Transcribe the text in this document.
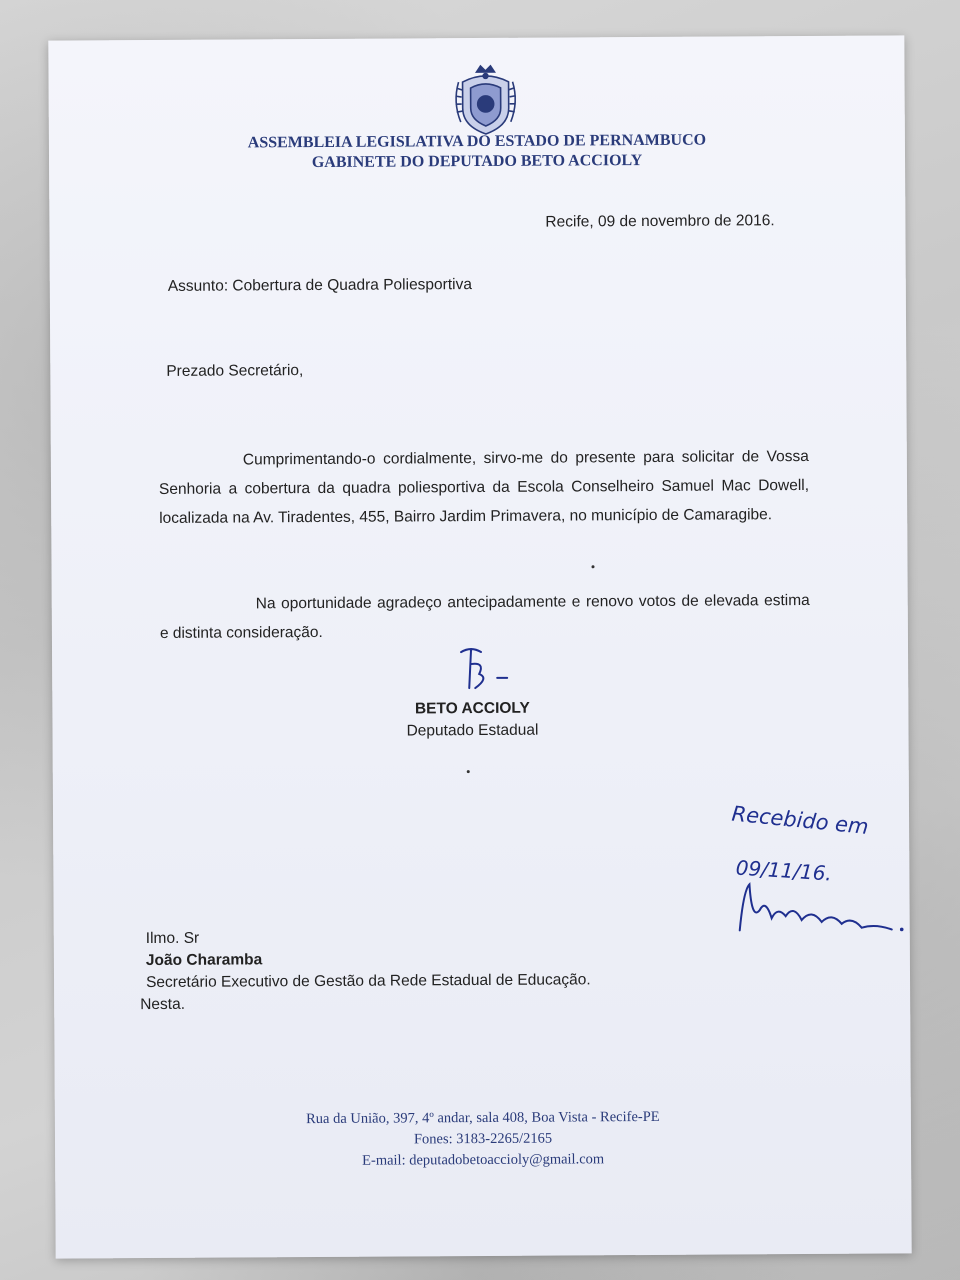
ASSEMBLEIA LEGISLATIVA DO ESTADO DE PERNAMBUCO
GABINETE DO DEPUTADO BETO ACCIOLY
Recife, 09 de novembro de 2016.
Assunto: Cobertura de Quadra Poliesportiva
Prezado Secretário,
Cumprimentando-o cordialmente, sirvo-me do presente para solicitar de Vossa Senhoria a cobertura da quadra poliesportiva da Escola Conselheiro Samuel Mac Dowell, localizada na Av. Tiradentes, 455, Bairro Jardim Primavera, no município de Camaragibe.
Na oportunidade agradeço antecipadamente e renovo votos de elevada estima e distinta consideração.
BETO ACCIOLY
Deputado Estadual
Recebido em
09/11/16.
Ilmo. Sr
João Charamba
Secretário Executivo de Gestão da Rede Estadual de Educação.
Nesta.
Rua da União, 397, 4º andar, sala 408, Boa Vista - Recife-PE
Fones: 3183-2265/2165
E-mail: deputadobetoaccioly@gmail.com
